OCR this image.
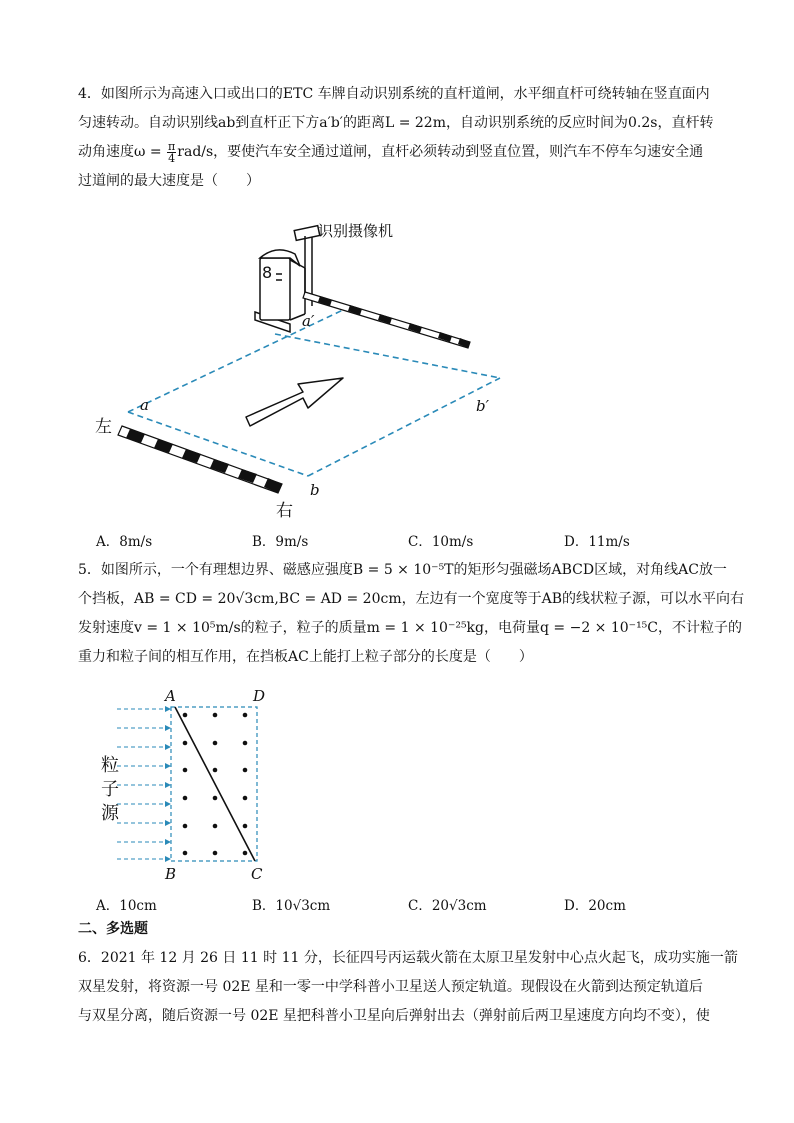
4．如图所示为高速入口或出口的ETC 车牌自动识别系统的直杆道闸，水平细直杆可绕转轴在竖直面内
匀速转动。自动识别线ab到直杆正下方a′b′的距离L = 22m，自动识别系统的反应时间为0.2s，直杆转
动角速度$\omega = \frac{\pi}{4} rad/s$，要使汽车安全通过道闸，直杆必须转动到竖直位置，则汽车不停车匀速安全通
过道闸的最大速度是（　　）
8
识别摄像机
a′
a	b′
b
左
右
A．8m/s	B．9m/s	C．10m/s	D．11m/s
5．如图所示，一个有理想边界、磁感应强度B = 5 × 10⁻⁵T的矩形匀强磁场ABCD区域，对角线AC放一
个挡板，AB = CD = 20√3cm,BC = AD = 20cm，左边有一个宽度等于AB的线状粒子源，可以水平向右
发射速度v = 1 × 10⁵m/s的粒子，粒子的质量m = 1 × 10⁻²⁵kg，电荷量q = −2 × 10⁻¹⁵C，不计粒子的
重力和粒子间的相互作用，在挡板AC上能打上粒子部分的长度是（　　）
A	D
B	C
粒
子
源
A．10cm	B．10√3cm	C．20√3cm	D．20cm
二、多选题
6．2021 年 12 月 26 日 11 时 11 分，长征四号丙运载火箭在太原卫星发射中心点火起飞，成功实施一箭
双星发射，将资源一号 02E 星和一零一中学科普小卫星送人预定轨道。现假设在火箭到达预定轨道后
与双星分离，随后资源一号 02E 星把科普小卫星向后弹射出去（弹射前后两卫星速度方向均不变），使
